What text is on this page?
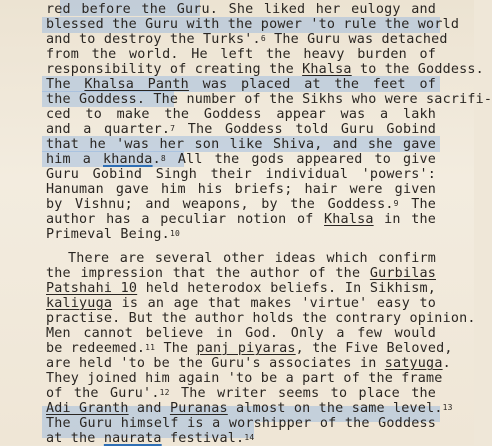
red before the Guru. She liked her eulogy and
blessed the Guru with the power 'to rule the world
and to destroy the Turks'.$^6$ The Guru was detached
from the world. He left the heavy burden of
responsibility of creating the Khalsa to the Goddess.
The Khalsa Panth was placed at the feet of
the Goddess. The number of the Sikhs who were sacrifi-
ced to make the Goddess appear was a lakh
and a quarter.$^7$ The Goddess told Guru Gobind
that he 'was her son like Shiva, and she gave
him a khanda.$^8$ All the gods appeared to give
Guru Gobind Singh their individual 'powers':
Hanuman gave him his briefs; hair were given
by Vishnu; and weapons, by the Goddess.$^9$ The
author has a peculiar notion of Khalsa in the
Primeval Being.$^{10}$
There are several other ideas which confirm
the impression that the author of the Gurbilas
Patshahi 10 held heterodox beliefs. In Sikhism,
kaliyuga is an age that makes 'virtue' easy to
practise. But the author holds the contrary opinion.
Men cannot believe in God. Only a few would
be redeemed.$^{11}$ The panj piyaras, the Five Beloved,
are held 'to be the Guru's associates in satyuga.
They joined him again 'to be a part of the frame
of the Guru'.$^{12}$ The writer seems to place the
Adi Granth and Puranas almost on the same level.$^{13}$
The Guru himself is a worshipper of the Goddess
at the naurata festival.$^{14}$
